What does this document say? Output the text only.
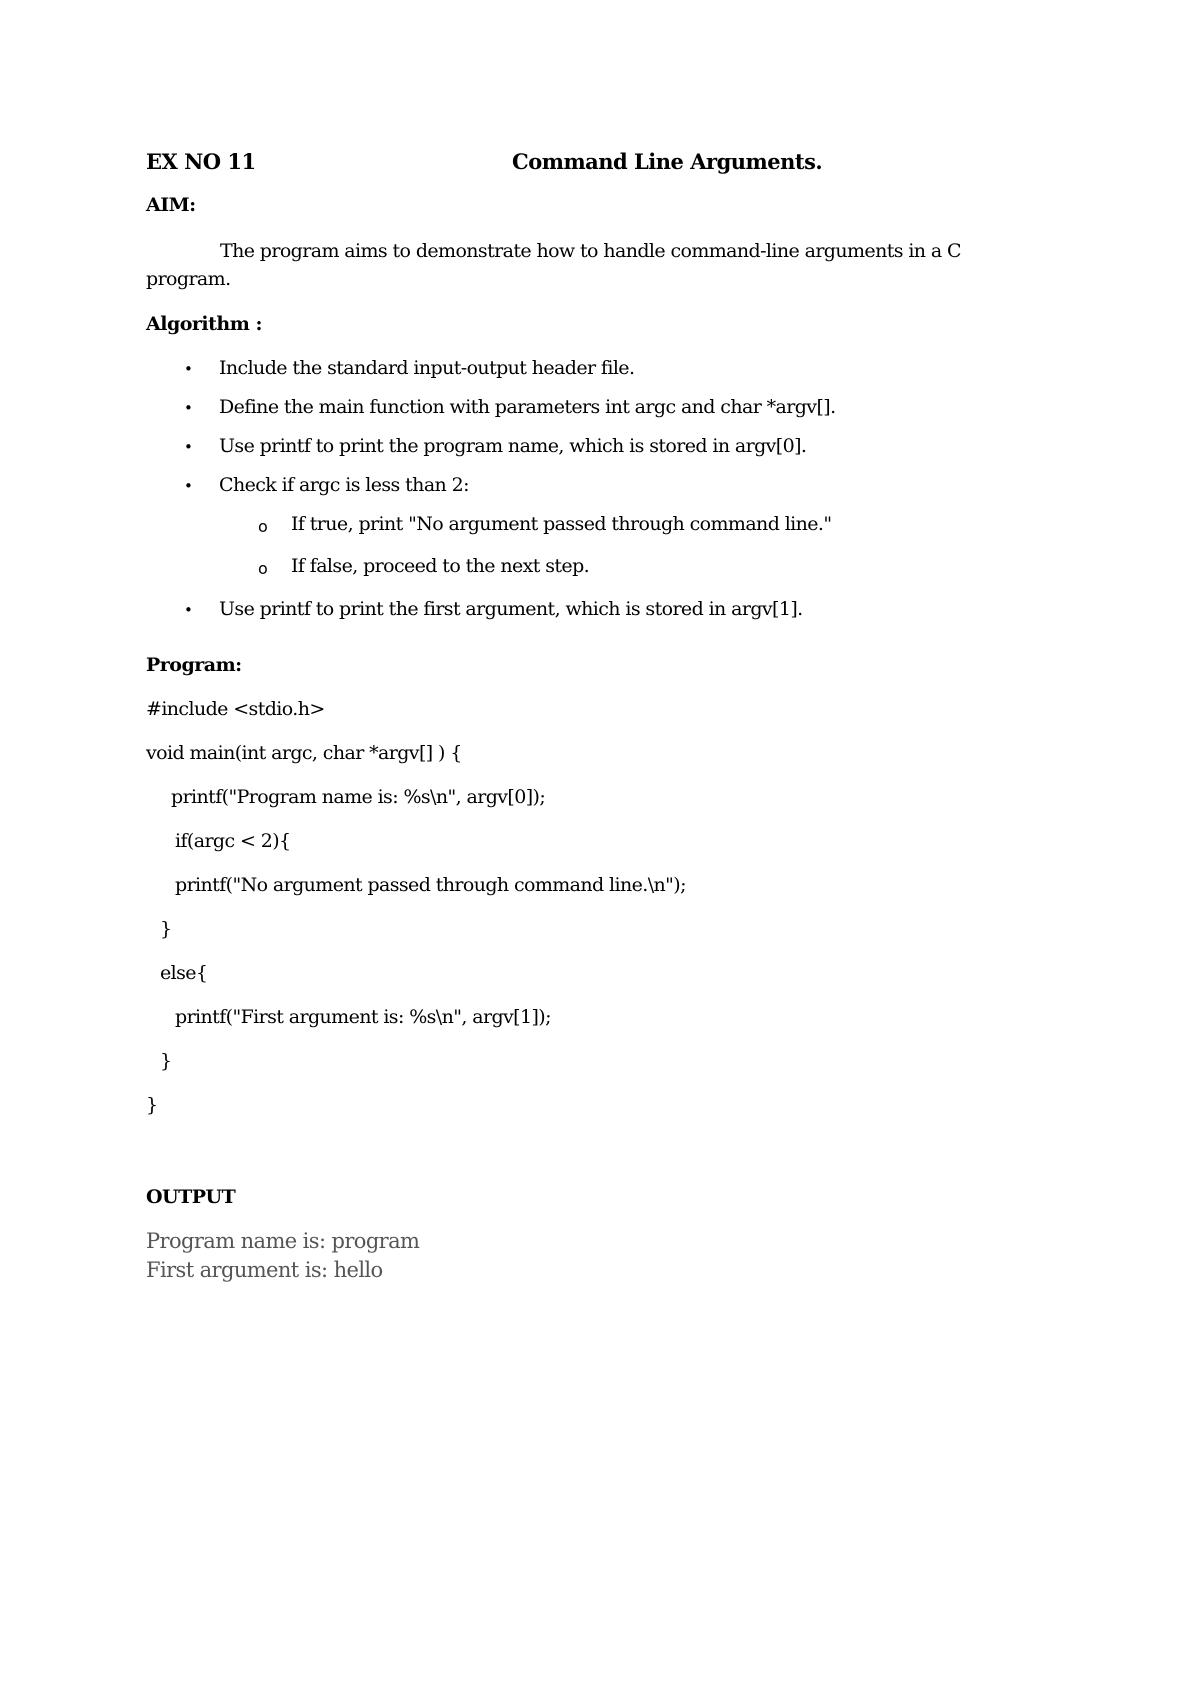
EX NO 11	Command Line Arguments.
AIM:
The program aims to demonstrate how to handle command-line arguments in a C
program.
Algorithm :
• Include the standard input-output header file.
• Define the main function with parameters int argc and char *argv[].
• Use printf to print the program name, which is stored in argv[0].
• Check if argc is less than 2:
o If true, print "No argument passed through command line."
o If false, proceed to the next step.
• Use printf to print the first argument, which is stored in argv[1].
Program:
#include <stdio.h>
void main(int argc, char *argv[] ) {
printf("Program name is: %s\n", argv[0]);
if(argc < 2){
printf("No argument passed through command line.\n");
}
else{
printf("First argument is: %s\n", argv[1]);
}
}
OUTPUT
Program name is: program
First argument is: hello
